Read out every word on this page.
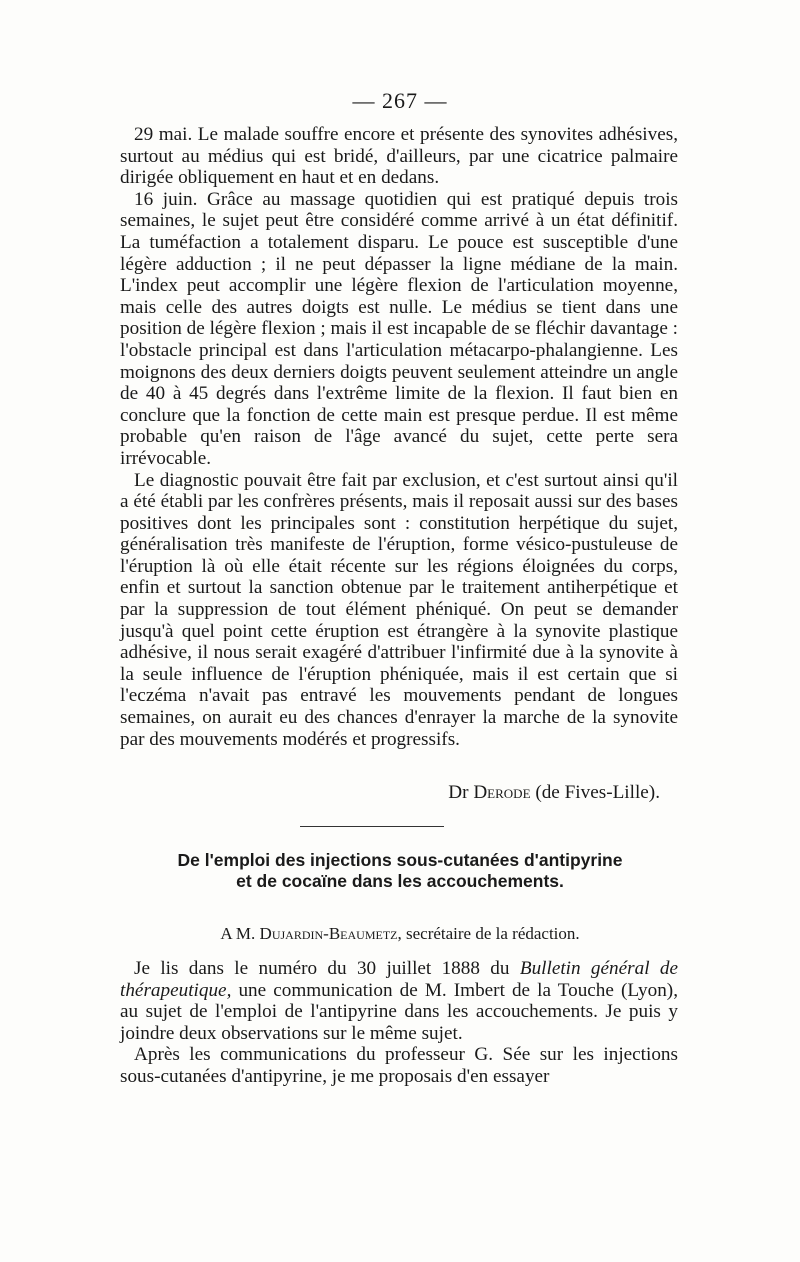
— 267 —

29 mai. Le malade souffre encore et présente des synovites adhésives, surtout au médius qui est bridé, d'ailleurs, par une cicatrice palmaire dirigée obliquement en haut et en dedans.

16 juin. Grâce au massage quotidien qui est pratiqué depuis trois semaines, le sujet peut être considéré comme arrivé à un état définitif. La tuméfaction a totalement disparu. Le pouce est susceptible d'une légère adduction ; il ne peut dépasser la ligne médiane de la main. L'index peut accomplir une légère flexion de l'articulation moyenne, mais celle des autres doigts est nulle. Le médius se tient dans une position de légère flexion ; mais il est incapable de se fléchir davantage : l'obstacle principal est dans l'articulation métacarpo-phalangienne. Les moignons des deux derniers doigts peuvent seulement atteindre un angle de 40 à 45 degrés dans l'extrême limite de la flexion. Il faut bien en conclure que la fonction de cette main est presque perdue. Il est même probable qu'en raison de l'âge avancé du sujet, cette perte sera irrévocable.

Le diagnostic pouvait être fait par exclusion, et c'est surtout ainsi qu'il a été établi par les confrères présents, mais il reposait aussi sur des bases positives dont les principales sont : constitution herpétique du sujet, généralisation très manifeste de l'éruption, forme vésico-pustuleuse de l'éruption là où elle était récente sur les régions éloignées du corps, enfin et surtout la sanction obtenue par le traitement antiherpétique et par la suppression de tout élément phéniqué. On peut se demander jusqu'à quel point cette éruption est étrangère à la synovite plastique adhésive, il nous serait exagéré d'attribuer l'infirmité due à la synovite à la seule influence de l'éruption phéniquée, mais il est certain que si l'eczéma n'avait pas entravé les mouvements pendant de longues semaines, on aurait eu des chances d'enrayer la marche de la synovite par des mouvements modérés et progressifs.

Dr Derode (de Fives-Lille).
De l'emploi des injections sous-cutanées d'antipyrine
et de cocaïne dans les accouchements.
A M. Dujardin-Beaumetz, secrétaire de la rédaction.

Je lis dans le numéro du 30 juillet 1888 du Bulletin général de thérapeutique, une communication de M. Imbert de la Touche (Lyon), au sujet de l'emploi de l'antipyrine dans les accouchements. Je puis y joindre deux observations sur le même sujet.

Après les communications du professeur G. Sée sur les injections sous-cutanées d'antipyrine, je me proposais d'en essayer
